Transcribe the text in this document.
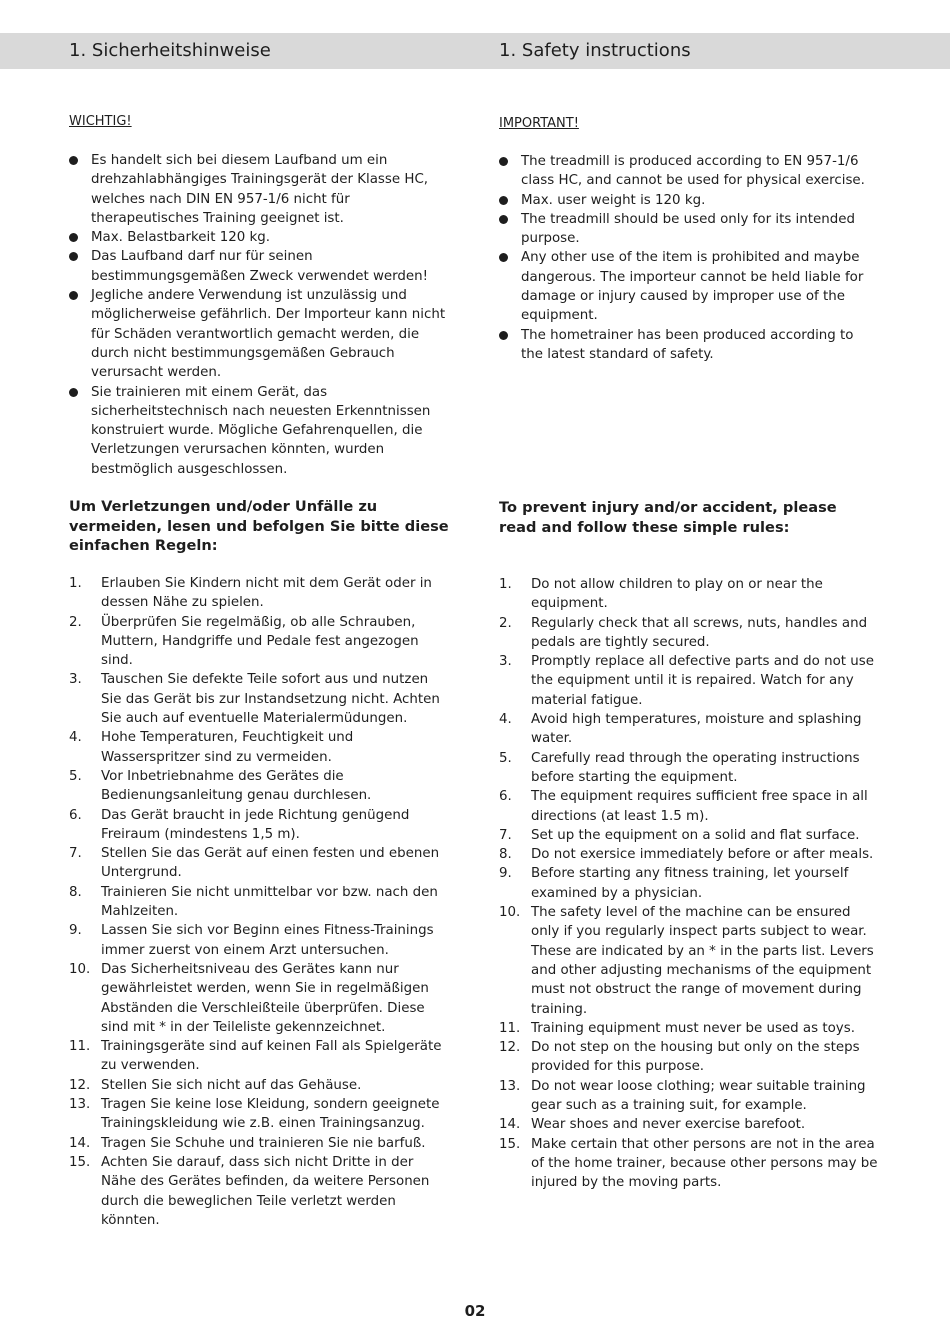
1. Sicherheitshinweise	1. Safety instructions

WICHTIG!

Es handelt sich bei diesem Laufband um ein drehzahlabhängiges Trainingsgerät der Klasse HC, welches nach DIN EN 957-1/6 nicht für therapeutisches Training geeignet ist.
Max. Belastbarkeit 120 kg.
Das Laufband darf nur für seinen bestimmungsgemäßen Zweck verwendet werden!
Jegliche andere Verwendung ist unzulässig und möglicherweise gefährlich. Der Importeur kann nicht für Schäden verantwortlich gemacht werden, die durch nicht bestimmungsgemäßen Gebrauch verursacht werden.
Sie trainieren mit einem Gerät, das sicherheitstechnisch nach neuesten Erkenntnissen konstruiert wurde. Mögliche Gefahrenquellen, die Verletzungen verursachen könnten, wurden bestmöglich ausgeschlossen.
Um Verletzungen und/oder Unfälle zu vermeiden, lesen und befolgen Sie bitte diese einfachen Regeln:
1. Erlauben Sie Kindern nicht mit dem Gerät oder in dessen Nähe zu spielen.
2. Überprüfen Sie regelmäßig, ob alle Schrauben, Muttern, Handgriffe und Pedale fest angezogen sind.
3. Tauschen Sie defekte Teile sofort aus und nutzen Sie das Gerät bis zur Instandsetzung nicht. Achten Sie auch auf eventuelle Materialermüdungen.
4. Hohe Temperaturen, Feuchtigkeit und Wasserspritzer sind zu vermeiden.
5. Vor Inbetriebnahme des Gerätes die Bedienungsanleitung genau durchlesen.
6. Das Gerät braucht in jede Richtung genügend Freiraum (mindestens 1,5 m).
7. Stellen Sie das Gerät auf einen festen und ebenen Untergrund.
8. Trainieren Sie nicht unmittelbar vor bzw. nach den Mahlzeiten.
9. Lassen Sie sich vor Beginn eines Fitness-Trainings immer zuerst von einem Arzt untersuchen.
10. Das Sicherheitsniveau des Gerätes kann nur gewährleistet werden, wenn Sie in regelmäßigen Abständen die Verschleißteile überprüfen. Diese sind mit * in der Teileliste gekennzeichnet.
11. Trainingsgeräte sind auf keinen Fall als Spielgeräte zu verwenden.
12. Stellen Sie sich nicht auf das Gehäuse.
13. Tragen Sie keine lose Kleidung, sondern geeignete Trainingskleidung wie z.B. einen Trainingsanzug.
14. Tragen Sie Schuhe und trainieren Sie nie barfuß.
15. Achten Sie darauf, dass sich nicht Dritte in der Nähe des Gerätes befinden, da weitere Personen durch die beweglichen Teile verletzt werden könnten.

IMPORTANT!

The treadmill is produced according to EN 957-1/6 class HC, and cannot be used for physical exercise.
Max. user weight is 120 kg.
The treadmill should be used only for its intended purpose.
Any other use of the item is prohibited and maybe dangerous. The importeur cannot be held liable for damage or injury caused by improper use of the equipment.
The hometrainer has been produced according to the latest standard of safety.
To prevent injury and/or accident, please read and follow these simple rules:
1. Do not allow children to play on or near the equipment.
2. Regularly check that all screws, nuts, handles and pedals are tightly secured.
3. Promptly replace all defective parts and do not use the equipment until it is repaired. Watch for any material fatigue.
4. Avoid high temperatures, moisture and splashing water.
5. Carefully read through the operating instructions before starting the equipment.
6. The equipment requires sufficient free space in all directions (at least 1.5 m).
7. Set up the equipment on a solid and flat surface.
8. Do not exersice immediately before or after meals.
9. Before starting any fitness training, let yourself examined by a physician.
10. The safety level of the machine can be ensured only if you regularly inspect parts subject to wear. These are indicated by an * in the parts list. Levers and other adjusting mechanisms of the equipment must not obstruct the range of movement during training.
11. Training equipment must never be used as toys.
12. Do not step on the housing but only on the steps provided for this purpose.
13. Do not wear loose clothing; wear suitable training gear such as a training suit, for example.
14. Wear shoes and never exercise barefoot.
15. Make certain that other persons are not in the area of the home trainer, because other persons may be injured by the moving parts.
02
